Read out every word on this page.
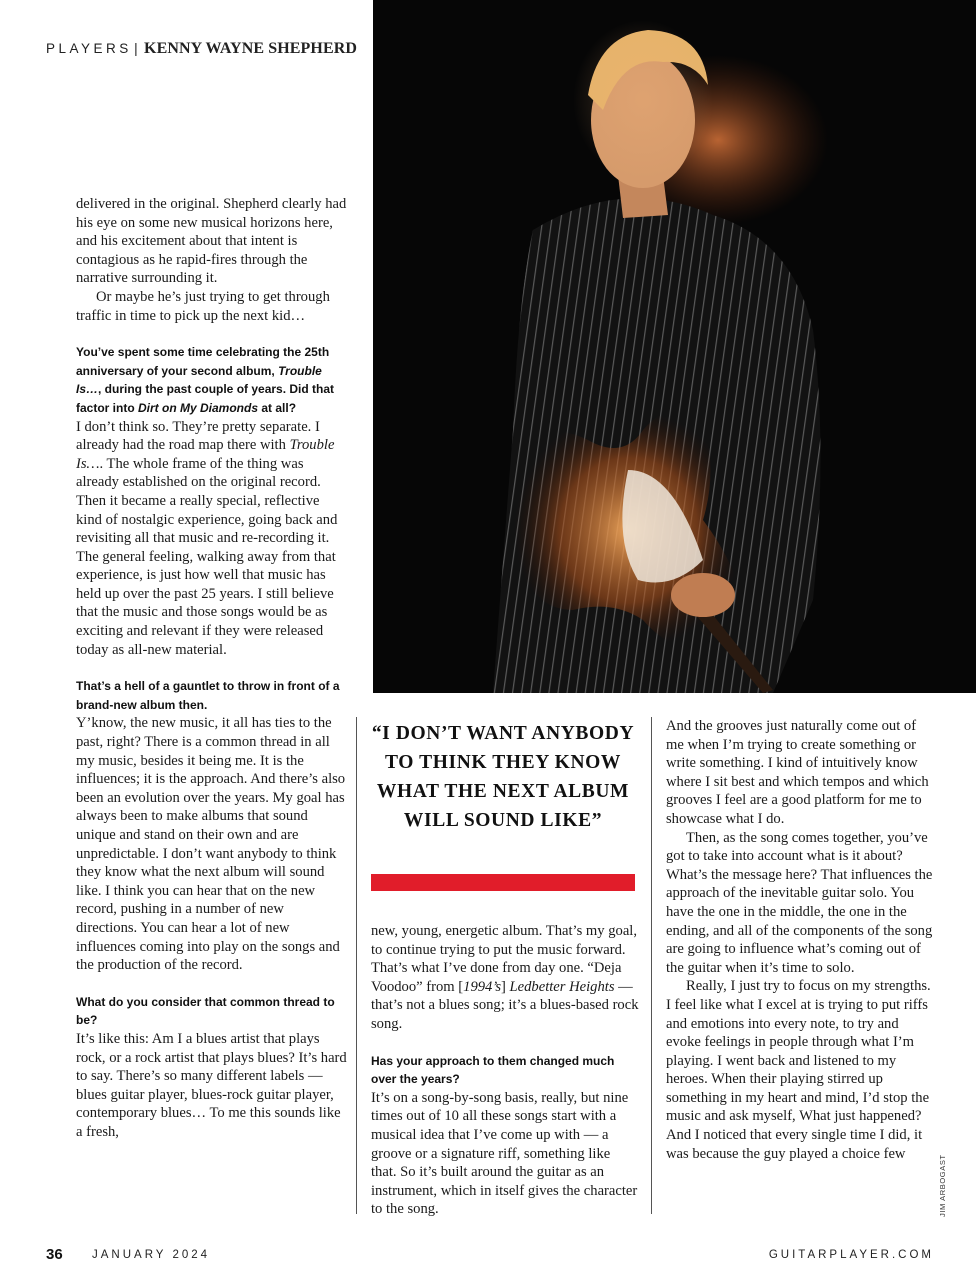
PLAYERS | KENNY WAYNE SHEPHERD

delivered in the original. Shepherd clearly had his eye on some new musical horizons here, and his excitement about that intent is contagious as he rapid-fires through the narrative surrounding it.

Or maybe he’s just trying to get through traffic in time to pick up the next kid…

You’ve spent some time celebrating the 25th anniversary of your second album, Trouble Is…, during the past couple of years. Did that factor into Dirt on My Diamonds at all?

I don’t think so. They’re pretty separate. I already had the road map there with Trouble Is…. The whole frame of the thing was already established on the original record. Then it became a really special, reflective kind of nostalgic experience, going back and revisiting all that music and re-recording it. The general feeling, walking away from that experience, is just how well that music has held up over the past 25 years. I still believe that the music and those songs would be as exciting and relevant if they were released today as all-new material.

That’s a hell of a gauntlet to throw in front of a brand-new album then.

Y’know, the new music, it all has ties to the past, right? There is a common thread in all my music, besides it being me. It is the influences; it is the approach. And there’s also been an evolution over the years. My goal has always been to make albums that sound unique and stand on their own and are unpredictable. I don’t want anybody to think they know what the next album will sound like. I think you can hear that on the new record, pushing in a number of new directions. You can hear a lot of new influences coming into play on the songs and the production of the record.

What do you consider that common thread to be?

It’s like this: Am I a blues artist that plays rock, or a rock artist that plays blues? It’s hard to say. There’s so many different labels — blues guitar player, blues-rock guitar player, contemporary blues… To me this sounds like a fresh,

“I DON’T WANT ANYBODY TO THINK THEY KNOW WHAT THE NEXT ALBUM WILL SOUND LIKE”

new, young, energetic album. That’s my goal, to continue trying to put the music forward. That’s what I’ve done from day one. “Deja Voodoo” from [1994’s] Ledbetter Heights — that’s not a blues song; it’s a blues-based rock song.

Has your approach to them changed much over the years?

It’s on a song-by-song basis, really, but nine times out of 10 all these songs start with a musical idea that I’ve come up with — a groove or a signature riff, something like that. So it’s built around the guitar as an instrument, which in itself gives the character to the song.

And the grooves just naturally come out of me when I’m trying to create something or write something. I kind of intuitively know where I sit best and which tempos and which grooves I feel are a good platform for me to showcase what I do.

Then, as the song comes together, you’ve got to take into account what is it about? What’s the message here? That influences the approach of the inevitable guitar solo. You have the one in the middle, the one in the ending, and all of the components of the song are going to influence what’s coming out of the guitar when it’s time to solo.

Really, I just try to focus on my strengths. I feel like what I excel at is trying to put riffs and emotions into every note, to try and evoke feelings in people through what I’m playing. I went back and listened to my heroes. When their playing stirred up something in my heart and mind, I’d stop the music and ask myself, What just happened? And I noticed that every single time I did, it was because the guy played a choice few

JIM ARBOGAST
36	JANUARY 2024	GUITARPLAYER.COM
